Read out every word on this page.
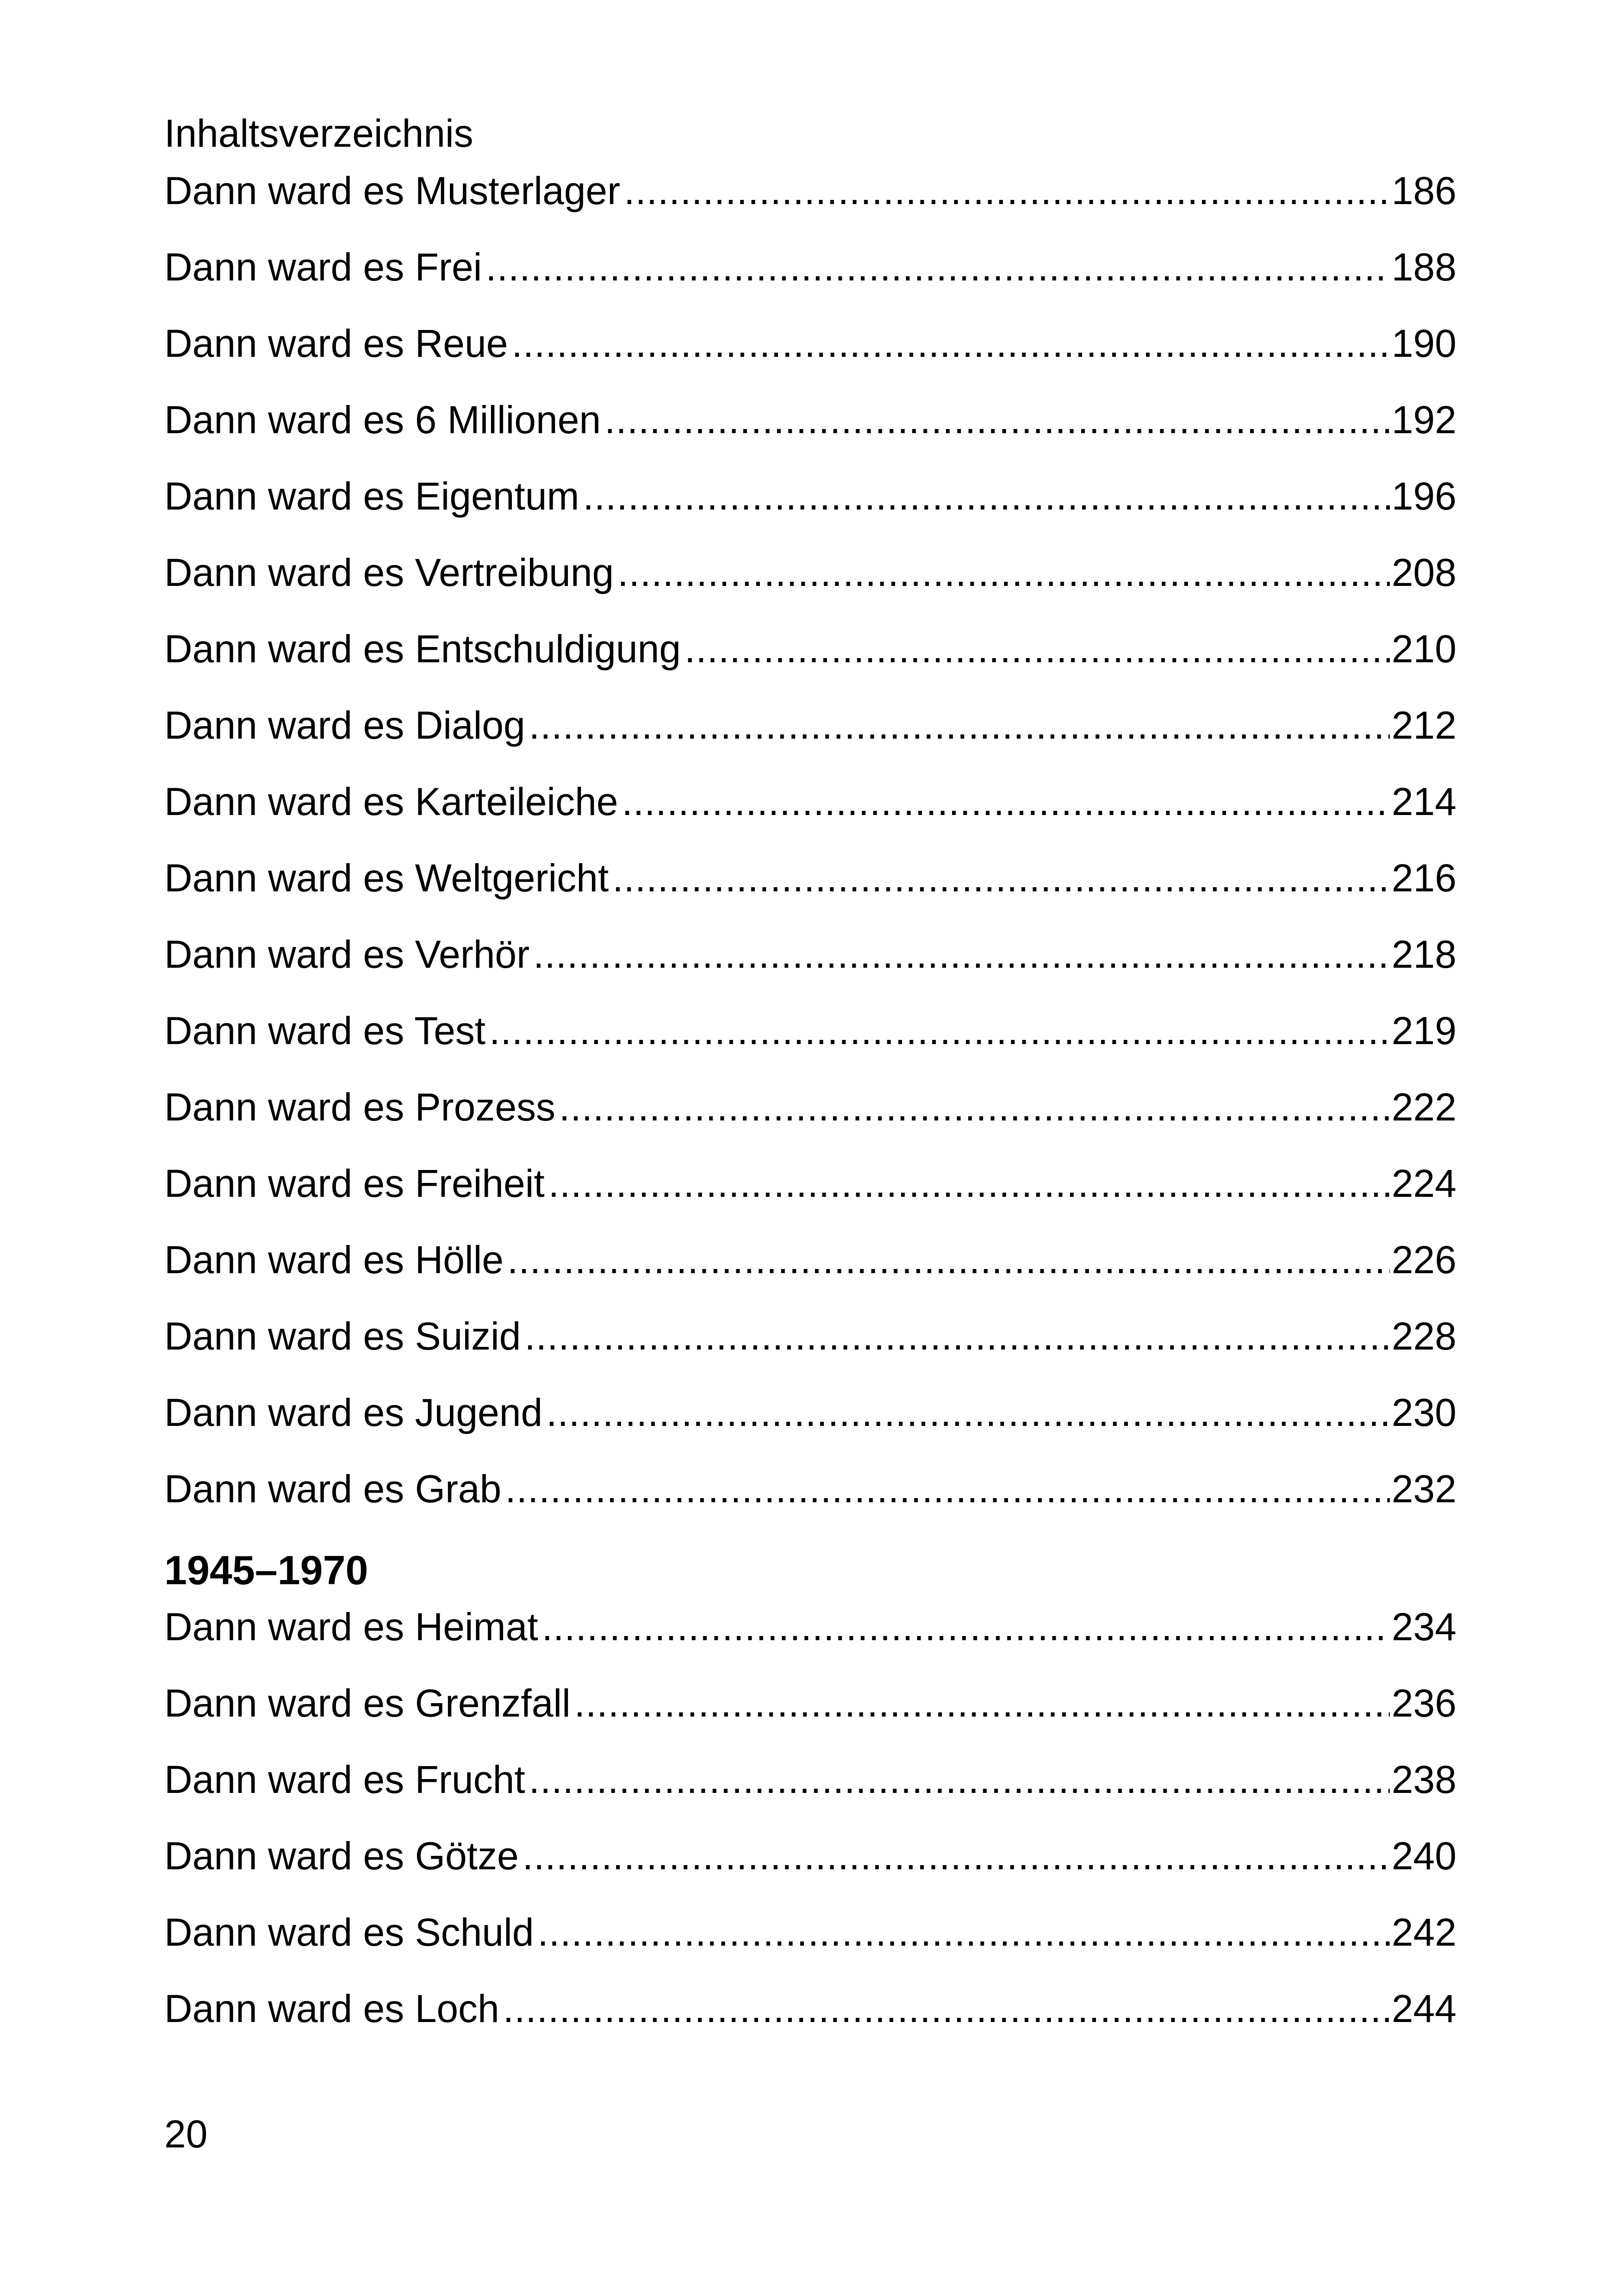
Inhaltsverzeichnis
Dann ward es Musterlager .....	186
Dann ward es Frei .....	188
Dann ward es Reue .....	190
Dann ward es 6 Millionen .....	192
Dann ward es Eigentum .....	196
Dann ward es Vertreibung .....	208
Dann ward es Entschuldigung .....	210
Dann ward es Dialog .....	212
Dann ward es Karteileiche .....	214
Dann ward es Weltgericht .....	216
Dann ward es Verhör .....	218
Dann ward es Test .....	219
Dann ward es Prozess .....	222
Dann ward es Freiheit .....	224
Dann ward es Hölle .....	226
Dann ward es Suizid .....	228
Dann ward es Jugend .....	230
Dann ward es Grab .....	232
1945–1970
Dann ward es Heimat .....	234
Dann ward es Grenzfall .....	236
Dann ward es Frucht .....	238
Dann ward es Götze .....	240
Dann ward es Schuld .....	242
Dann ward es Loch .....	244
20
